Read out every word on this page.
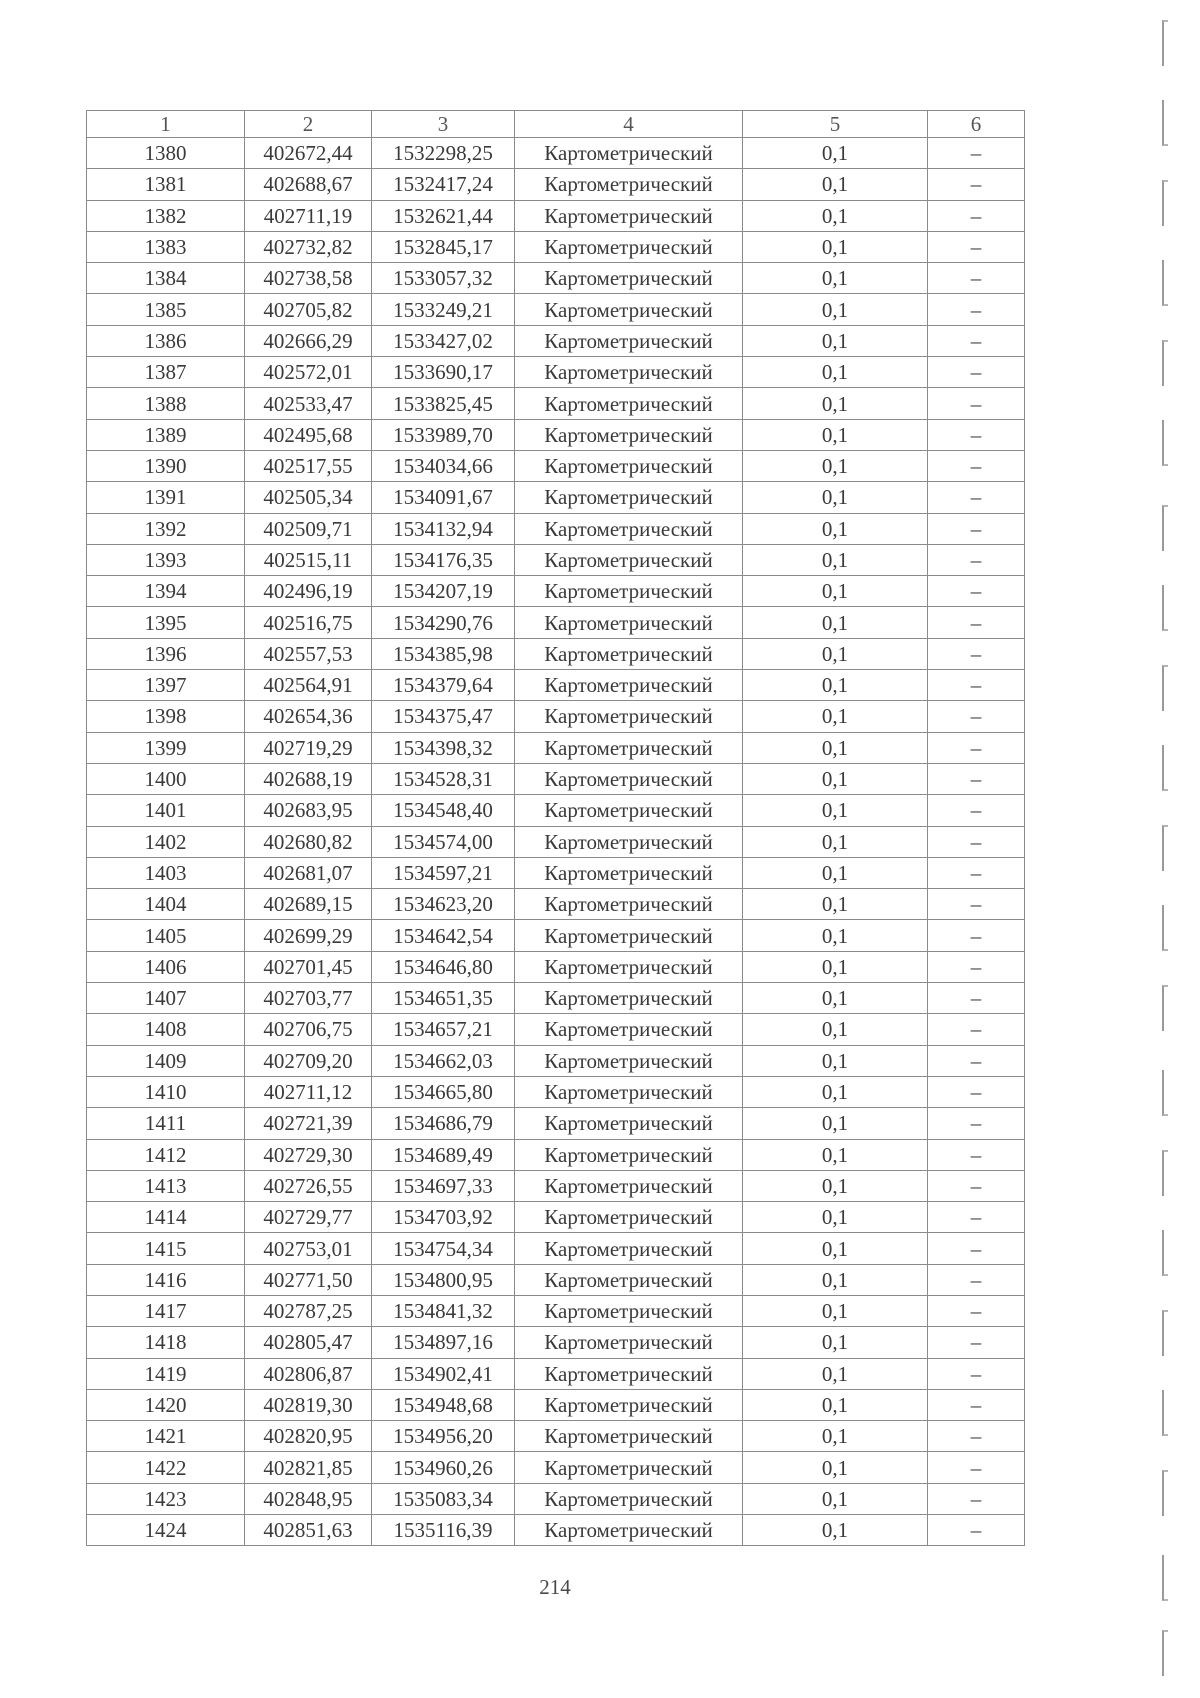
1	2	3	4	5	6
1380	402672,44	1532298,25	Картометрический	0,1	–
1381	402688,67	1532417,24	Картометрический	0,1	–
1382	402711,19	1532621,44	Картометрический	0,1	–
1383	402732,82	1532845,17	Картометрический	0,1	–
1384	402738,58	1533057,32	Картометрический	0,1	–
1385	402705,82	1533249,21	Картометрический	0,1	–
1386	402666,29	1533427,02	Картометрический	0,1	–
1387	402572,01	1533690,17	Картометрический	0,1	–
1388	402533,47	1533825,45	Картометрический	0,1	–
1389	402495,68	1533989,70	Картометрический	0,1	–
1390	402517,55	1534034,66	Картометрический	0,1	–
1391	402505,34	1534091,67	Картометрический	0,1	–
1392	402509,71	1534132,94	Картометрический	0,1	–
1393	402515,11	1534176,35	Картометрический	0,1	–
1394	402496,19	1534207,19	Картометрический	0,1	–
1395	402516,75	1534290,76	Картометрический	0,1	–
1396	402557,53	1534385,98	Картометрический	0,1	–
1397	402564,91	1534379,64	Картометрический	0,1	–
1398	402654,36	1534375,47	Картометрический	0,1	–
1399	402719,29	1534398,32	Картометрический	0,1	–
1400	402688,19	1534528,31	Картометрический	0,1	–
1401	402683,95	1534548,40	Картометрический	0,1	–
1402	402680,82	1534574,00	Картометрический	0,1	–
1403	402681,07	1534597,21	Картометрический	0,1	–
1404	402689,15	1534623,20	Картометрический	0,1	–
1405	402699,29	1534642,54	Картометрический	0,1	–
1406	402701,45	1534646,80	Картометрический	0,1	–
1407	402703,77	1534651,35	Картометрический	0,1	–
1408	402706,75	1534657,21	Картометрический	0,1	–
1409	402709,20	1534662,03	Картометрический	0,1	–
1410	402711,12	1534665,80	Картометрический	0,1	–
1411	402721,39	1534686,79	Картометрический	0,1	–
1412	402729,30	1534689,49	Картометрический	0,1	–
1413	402726,55	1534697,33	Картометрический	0,1	–
1414	402729,77	1534703,92	Картометрический	0,1	–
1415	402753,01	1534754,34	Картометрический	0,1	–
1416	402771,50	1534800,95	Картометрический	0,1	–
1417	402787,25	1534841,32	Картометрический	0,1	–
1418	402805,47	1534897,16	Картометрический	0,1	–
1419	402806,87	1534902,41	Картометрический	0,1	–
1420	402819,30	1534948,68	Картометрический	0,1	–
1421	402820,95	1534956,20	Картометрический	0,1	–
1422	402821,85	1534960,26	Картометрический	0,1	–
1423	402848,95	1535083,34	Картометрический	0,1	–
1424	402851,63	1535116,39	Картометрический	0,1	–
214
